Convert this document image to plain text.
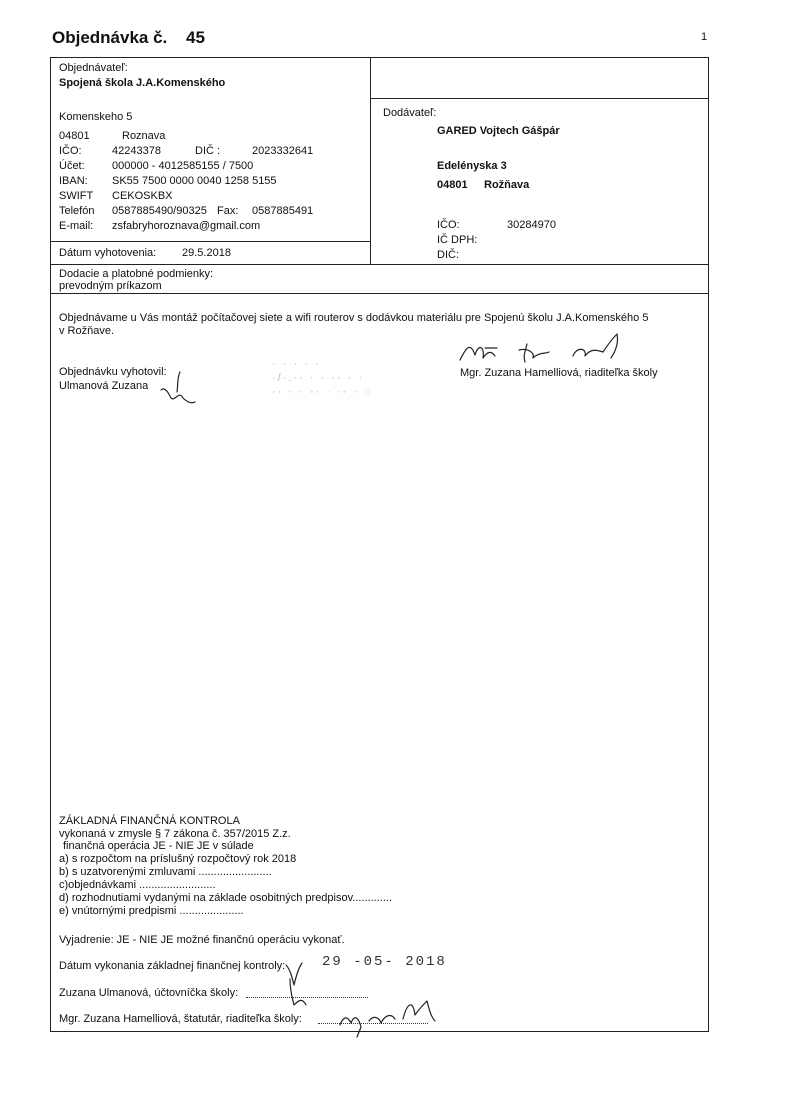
Objednávka č. 45	1
Objednávateľ:
Spojená škola J.A.Komenského
Komenskeho 5
04801	Roznava
IČO:	42243378	DIČ :	2023332641
Účet: 000000 - 4012585155 / 7500
IBAN: SK55 7500 0000 0040 1258 5155
SWIFT CEKOSKBX
Telefón 0587885490/90325 Fax: 0587885491
E-mail: zsfabryhoroznava@gmail.com
Dátum vyhotovenia: 29.5.2018
Dodávateľ:
GARED Vojtech Gášpár
Edelényska 3
04801 Rožňava
IČO:	30284970
IČ DPH:
DIČ:
Dodacie a platobné podmienky:
prevodným príkazom
Objednávame u Vás montáž počítačovej siete a wifi routerov s dodávkou materiálu pre Spojenú školu J.A.Komenského 5
v Rožňave.
Objednávku vyhotovil:
Ulmanová Zuzana
Mgr. Zuzana Hamelliová, riaditeľka školy
· · · · ·
·/·.·· · · ·· · ·
·· · · ·· · ·· · ◌
ZÁKLADNÁ FINANČNÁ KONTROLA
vykonaná v zmysle § 7 zákona č. 357/2015 Z.z.
finančná operácia JE - NIE JE v súlade
a) s rozpočtom na príslušný rozpočtový rok 2018
b) s uzatvorenými zmluvami ........................
c)objednávkami .........................
d) rozhodnutiami vydanými na základe osobitných predpisov.............
e) vnútornými predpismi .....................
Vyjadrenie: JE - NIE JE možné finančnú operáciu vykonať.
Dátum vykonania základnej finančnej kontroly:	29 -05- 2018
Zuzana Ulmanová, účtovníčka školy:
Mgr. Zuzana Hamelliová, štatutár, riaditeľka školy:
